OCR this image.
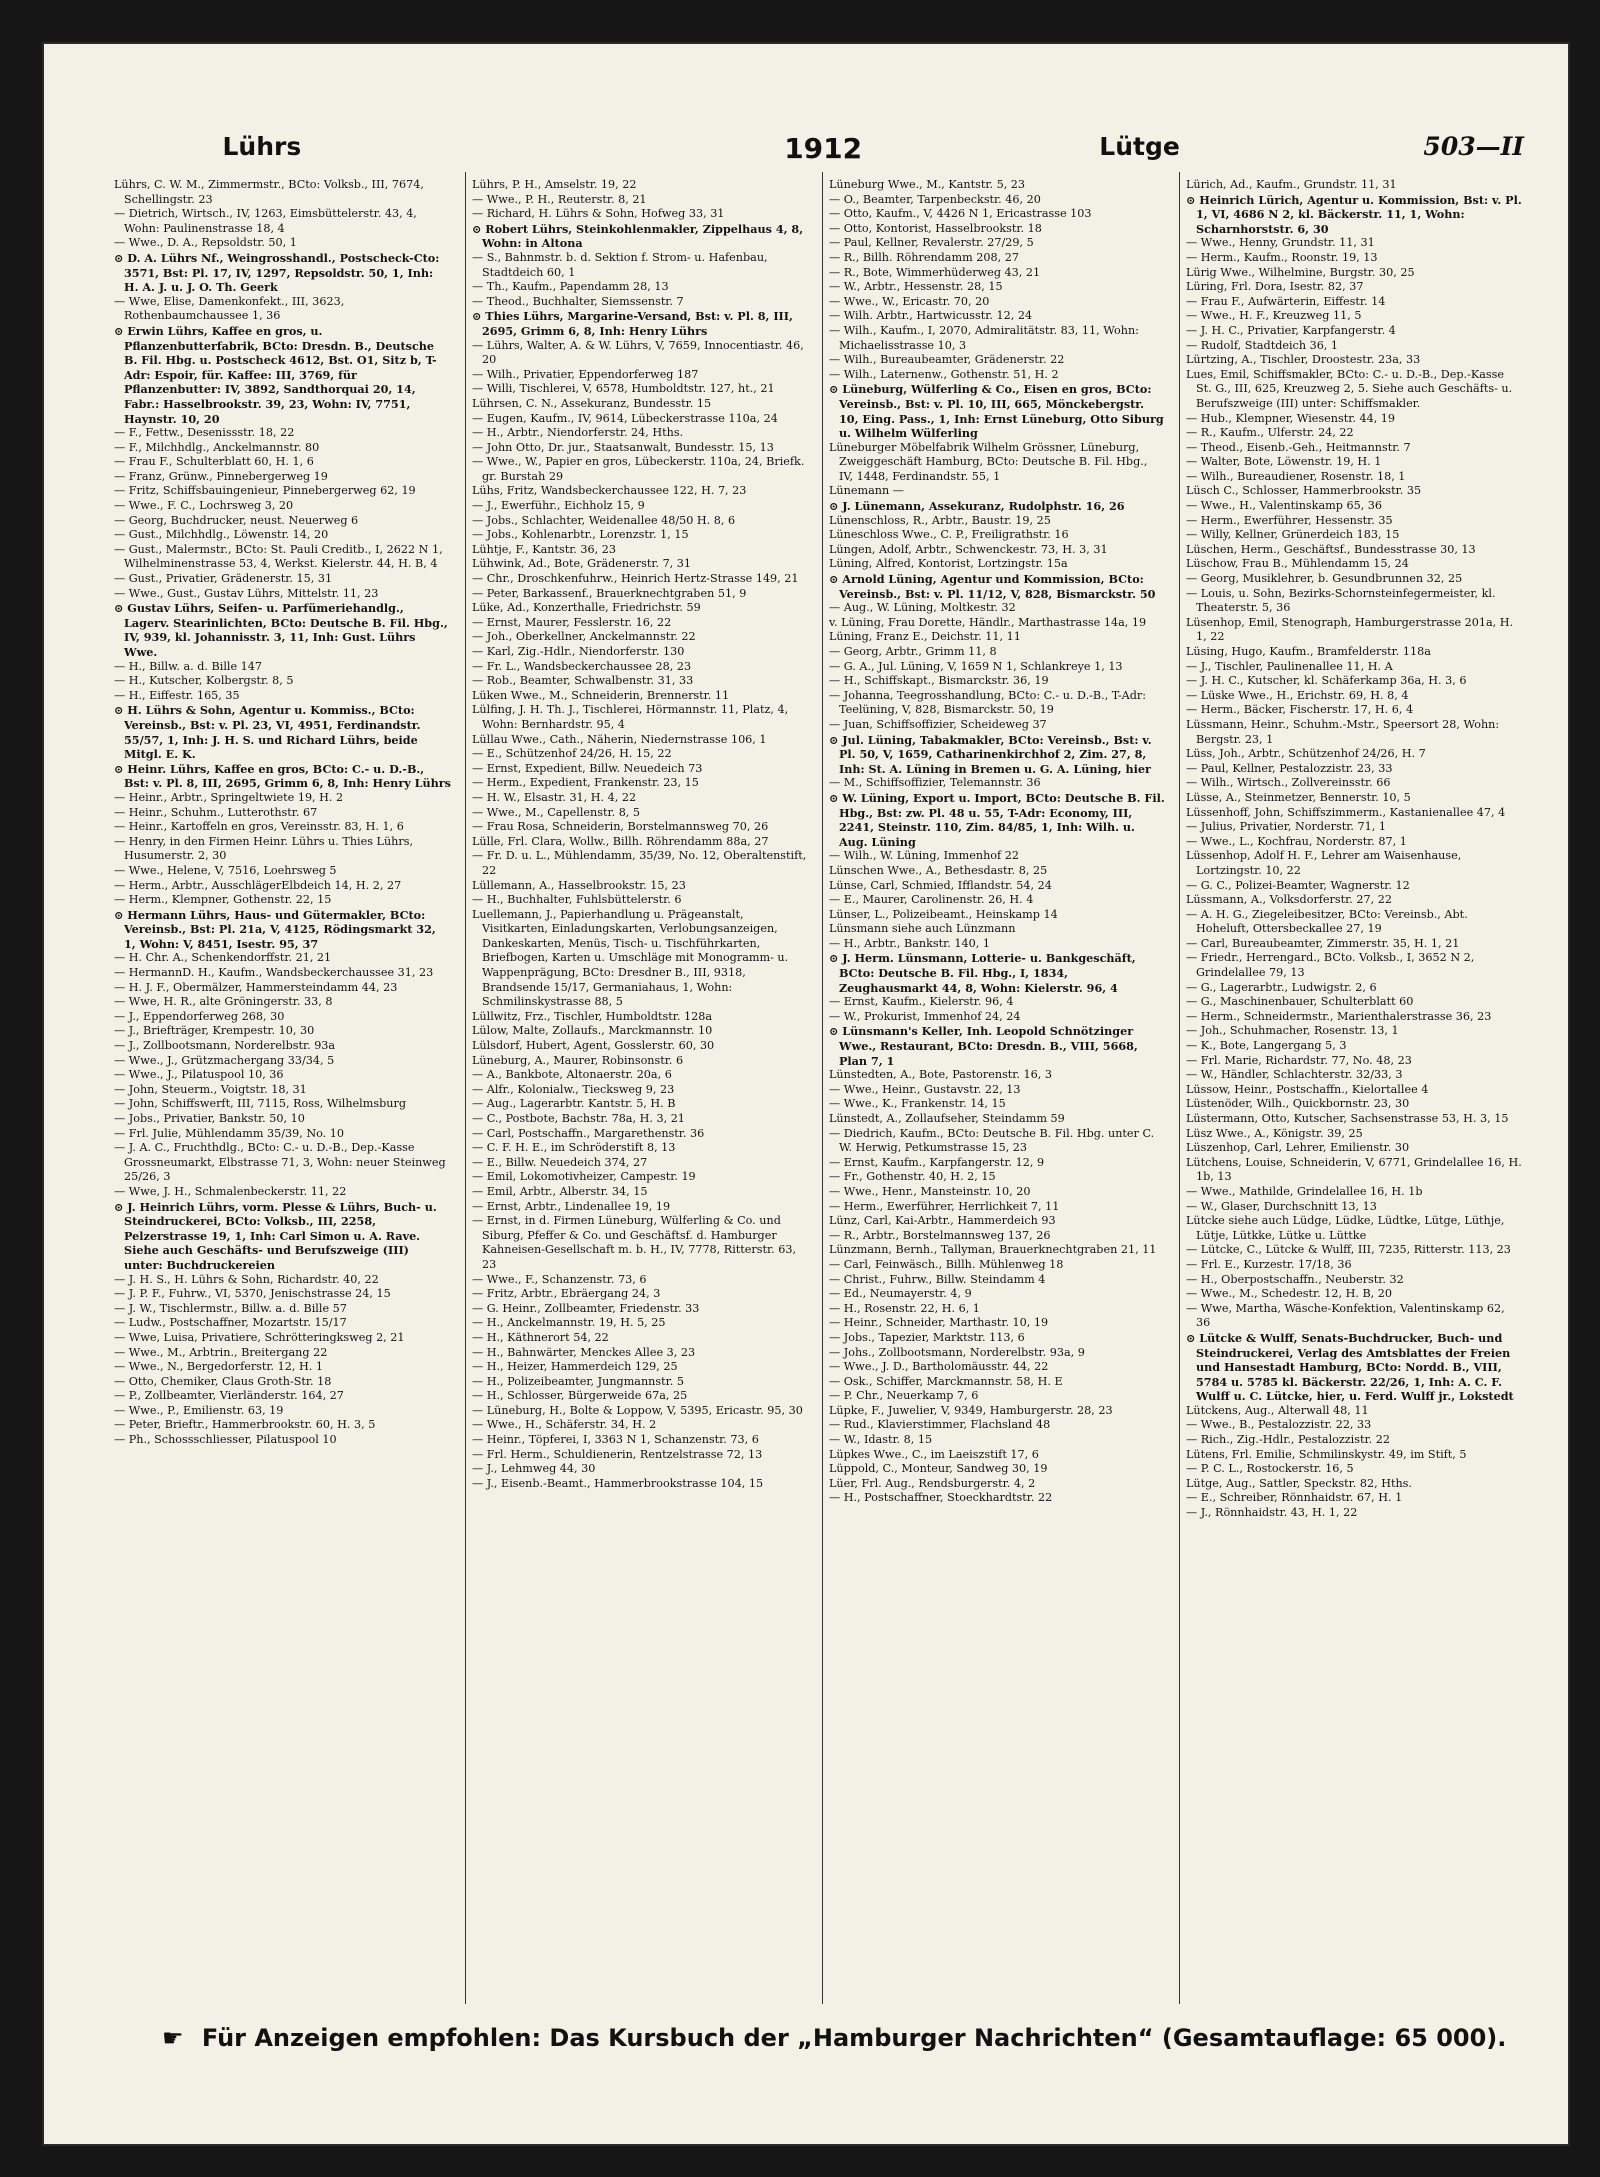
Lührs	1912	Lütge	503—II

Lührs, C. W. M., Zimmermstr., BCto: Volksb., III, 7674, Schellingstr. 23

— Dietrich, Wirtsch., IV, 1263, Eimsbüttelerstr. 43, 4, Wohn: Paulinenstrasse 18, 4

— Wwe., D. A., Repsoldstr. 50, 1

⊙ D. A. Lührs Nf., Weingrosshandl., Postscheck-Cto: 3571, Bst: Pl. 17, IV, 1297, Repsoldstr. 50, 1, Inh: H. A. J. u. J. O. Th. Geerk

— Wwe, Elise, Damenkonfekt., III, 3623, Rothenbaumchaussee 1, 36

⊙ Erwin Lührs, Kaffee en gros, u. Pflanzenbutterfabrik, BCto: Dresdn. B., Deutsche B. Fil. Hbg. u. Postscheck 4612, Bst. O1, Sitz b, T-Adr: Espoir, für. Kaffee: III, 3769, für Pflanzenbutter: IV, 3892, Sandthorquai 20, 14, Fabr.: Hasselbrookstr. 39, 23, Wohn: IV, 7751, Haynstr. 10, 20

— F., Fettw., Desenissstr. 18, 22

— F., Milchhdlg., Anckelmannstr. 80

— Frau F., Schulterblatt 60, H. 1, 6

— Franz, Grünw., Pinnebergerweg 19

— Fritz, Schiffsbauingenieur, Pinnebergerweg 62, 19

— Wwe., F. C., Lochrsweg 3, 20

— Georg, Buchdrucker, neust. Neuerweg 6

— Gust., Milchhdlg., Löwenstr. 14, 20

— Gust., Malermstr., BCto: St. Pauli Creditb., I, 2622 N 1, Wilhelminenstrasse 53, 4, Werkst. Kielerstr. 44, H. B, 4

— Gust., Privatier, Grädenerstr. 15, 31

— Wwe., Gust., Gustav Lührs, Mittelstr. 11, 23

⊙ Gustav Lührs, Seifen- u. Parfümeriehandlg., Lagerv. Stearinlichten, BCto: Deutsche B. Fil. Hbg., IV, 939, kl. Johannisstr. 3, 11, Inh: Gust. Lührs Wwe.

— H., Billw. a. d. Bille 147

— H., Kutscher, Kolbergstr. 8, 5

— H., Eiffestr. 165, 35

⊙ H. Lührs & Sohn, Agentur u. Kommiss., BCto: Vereinsb., Bst: v. Pl. 23, VI, 4951, Ferdinandstr. 55/57, 1, Inh: J. H. S. und Richard Lührs, beide Mitgl. E. K.

⊙ Heinr. Lührs, Kaffee en gros, BCto: C.- u. D.-B., Bst: v. Pl. 8, III, 2695, Grimm 6, 8, Inh: Henry Lührs

— Heinr., Arbtr., Springeltwiete 19, H. 2

— Heinr., Schuhm., Lutterothstr. 67

— Heinr., Kartoffeln en gros, Vereinsstr. 83, H. 1, 6

— Henry, in den Firmen Heinr. Lührs u. Thies Lührs, Husumerstr. 2, 30

— Wwe., Helene, V, 7516, Loehrsweg 5

— Herm., Arbtr., AusschlägerElbdeich 14, H. 2, 27

— Herm., Klempner, Gothenstr. 22, 15

⊙ Hermann Lührs, Haus- und Gütermakler, BCto: Vereinsb., Bst: Pl. 21a, V, 4125, Rödingsmarkt 32, 1, Wohn: V, 8451, Isestr. 95, 37

— H. Chr. A., Schenkendorffstr. 21, 21

— HermannD. H., Kaufm., Wandsbeckerchaussee 31, 23

— H. J. F., Obermälzer, Hammersteindamm 44, 23

— Wwe, H. R., alte Gröningerstr. 33, 8

— J., Eppendorferweg 268, 30

— J., Briefträger, Krempestr. 10, 30

— J., Zollbootsmann, Norderelbstr. 93a

— Wwe., J., Grützmachergang 33/34, 5

— Wwe., J., Pilatuspool 10, 36

— John, Steuerm., Voigtstr. 18, 31

— John, Schiffswerft, III, 7115, Ross, Wilhelmsburg

— Jobs., Privatier, Bankstr. 50, 10

— Frl. Julie, Mühlendamm 35/39, No. 10

— J. A. C., Fruchthdlg., BCto: C.- u. D.-B., Dep.-Kasse Grossneumarkt, Elbstrasse 71, 3, Wohn: neuer Steinweg 25/26, 3

— Wwe, J. H., Schmalenbeckerstr. 11, 22

⊙ J. Heinrich Lührs, vorm. Plesse & Lührs, Buch- u. Steindruckerei, BCto: Volksb., III, 2258, Pelzerstrasse 19, 1, Inh: Carl Simon u. A. Rave. Siehe auch Geschäfts- und Berufszweige (III) unter: Buchdruckereien

— J. H. S., H. Lührs & Sohn, Richardstr. 40, 22

— J. P. F., Fuhrw., VI, 5370, Jenischstrasse 24, 15

— J. W., Tischlermstr., Billw. a. d. Bille 57

— Ludw., Postschaffner, Mozartstr. 15/17

— Wwe, Luisa, Privatiere, Schrötteringksweg 2, 21

— Wwe., M., Arbtrin., Breitergang 22

— Wwe., N., Bergedorferstr. 12, H. 1

— Otto, Chemiker, Claus Groth-Str. 18

— P., Zollbeamter, Vierländerstr. 164, 27

— Wwe., P., Emilienstr. 63, 19

— Peter, Brieftr., Hammerbrookstr. 60, H. 3, 5

— Ph., Schossschliesser, Pilatuspool 10

Lührs, P. H., Amselstr. 19, 22

— Wwe., P. H., Reuterstr. 8, 21

— Richard, H. Lührs & Sohn, Hofweg 33, 31

⊙ Robert Lührs, Steinkohlenmakler, Zippelhaus 4, 8, Wohn: in Altona

— S., Bahnmstr. b. d. Sektion f. Strom- u. Hafenbau, Stadtdeich 60, 1

— Th., Kaufm., Papendamm 28, 13

— Theod., Buchhalter, Siemssenstr. 7

⊙ Thies Lührs, Margarine-Versand, Bst: v. Pl. 8, III, 2695, Grimm 6, 8, Inh: Henry Lührs

— Lührs, Walter, A. & W. Lührs, V, 7659, Innocentiastr. 46, 20

— Wilh., Privatier, Eppendorferweg 187

— Willi, Tischlerei, V, 6578, Humboldtstr. 127, ht., 21

Lührsen, C. N., Assekuranz, Bundesstr. 15

— Eugen, Kaufm., IV, 9614, Lübeckerstrasse 110a, 24

— H., Arbtr., Niendorferstr. 24, Hths.

— John Otto, Dr. jur., Staatsanwalt, Bundesstr. 15, 13

— Wwe., W., Papier en gros, Lübeckerstr. 110a, 24, Briefk. gr. Burstah 29

Lühs, Fritz, Wandsbeckerchaussee 122, H. 7, 23

— J., Ewerführ., Eichholz 15, 9

— Jobs., Schlachter, Weidenallee 48/50 H. 8, 6

— Jobs., Kohlenarbtr., Lorenzstr. 1, 15

Lühtje, F., Kantstr. 36, 23

Lühwink, Ad., Bote, Grädenerstr. 7, 31

— Chr., Droschkenfuhrw., Heinrich Hertz-Strasse 149, 21

— Peter, Barkassenf., Brauerknechtgraben 51, 9

Lüke, Ad., Konzerthalle, Friedrichstr. 59

— Ernst, Maurer, Fesslerstr. 16, 22

— Joh., Oberkellner, Anckelmannstr. 22

— Karl, Zig.-Hdlr., Niendorferstr. 130

— Fr. L., Wandsbeckerchaussee 28, 23

— Rob., Beamter, Schwalbenstr. 31, 33

Lüken Wwe., M., Schneiderin, Brennerstr. 11

Lülfing, J. H. Th. J., Tischlerei, Hörmannstr. 11, Platz, 4, Wohn: Bernhardstr. 95, 4

Lüllau Wwe., Cath., Näherin, Niedernstrasse 106, 1

— E., Schützenhof 24/26, H. 15, 22

— Ernst, Expedient, Billw. Neuedeich 73

— Herm., Expedient, Frankenstr. 23, 15

— H. W., Elsastr. 31, H. 4, 22

— Wwe., M., Capellenstr. 8, 5

— Frau Rosa, Schneiderin, Borstelmannsweg 70, 26

Lülle, Frl. Clara, Wollw., Billh. Röhrendamm 88a, 27

— Fr. D. u. L., Mühlendamm, 35/39, No. 12, Oberaltenstift, 22

Lüllemann, A., Hasselbrookstr. 15, 23

— H., Buchhalter, Fuhlsbüttelerstr. 6

Luellemann, J., Papierhandlung u. Prägeanstalt, Visitkarten, Einladungskarten, Verlobungsanzeigen, Dankeskarten, Menüs, Tisch- u. Tischführkarten, Briefbogen, Karten u. Umschläge mit Monogramm- u. Wappenprägung, BCto: Dresdner B., III, 9318, Brandsende 15/17, Germaniahaus, 1, Wohn: Schmilinskystrasse 88, 5

Lüllwitz, Frz., Tischler, Humboldtstr. 128a

Lülow, Malte, Zollaufs., Marckmannstr. 10

Lülsdorf, Hubert, Agent, Gosslerstr. 60, 30

Lüneburg, A., Maurer, Robinsonstr. 6

— A., Bankbote, Altonaerstr. 20a, 6

— Alfr., Kolonialw., Tiecksweg 9, 23

— Aug., Lagerarbtr. Kantstr. 5, H. B

— C., Postbote, Bachstr. 78a, H. 3, 21

— Carl, Postschaffn., Margarethenstr. 36

— C. F. H. E., im Schröderstift 8, 13

— E., Billw. Neuedeich 374, 27

— Emil, Lokomotivheizer, Campestr. 19

— Emil, Arbtr., Alberstr. 34, 15

— Ernst, Arbtr., Lindenallee 19, 19

— Ernst, in d. Firmen Lüneburg, Wülferling & Co. und Siburg, Pfeffer & Co. und Geschäftsf. d. Hamburger Kahneisen-Gesellschaft m. b. H., IV, 7778, Ritterstr. 63, 23

— Wwe., F., Schanzenstr. 73, 6

— Fritz, Arbtr., Ebräergang 24, 3

— G. Heinr., Zollbeamter, Friedenstr. 33

— H., Anckelmannstr. 19, H. 5, 25

— H., Käthnerort 54, 22

— H., Bahnwärter, Menckes Allee 3, 23

— H., Heizer, Hammerdeich 129, 25

— H., Polizeibeamter, Jungmannstr. 5

— H., Schlosser, Bürgerweide 67a, 25

— Lüneburg, H., Bolte & Loppow, V, 5395, Ericastr. 95, 30

— Wwe., H., Schäferstr. 34, H. 2

— Heinr., Töpferei, I, 3363 N 1, Schanzenstr. 73, 6

— Frl. Herm., Schuldienerin, Rentzelstrasse 72, 13

— J., Lehmweg 44, 30

— J., Eisenb.-Beamt., Hammerbrookstrasse 104, 15

Lüneburg Wwe., M., Kantstr. 5, 23

— O., Beamter, Tarpenbeckstr. 46, 20

— Otto, Kaufm., V, 4426 N 1, Ericastrasse 103

— Otto, Kontorist, Hasselbrookstr. 18

— Paul, Kellner, Revalerstr. 27/29, 5

— R., Billh. Röhrendamm 208, 27

— R., Bote, Wimmerhüderweg 43, 21

— W., Arbtr., Hessenstr. 28, 15

— Wwe., W., Ericastr. 70, 20

— Wilh. Arbtr., Hartwicusstr. 12, 24

— Wilh., Kaufm., I, 2070, Admiralitätstr. 83, 11, Wohn: Michaelisstrasse 10, 3

— Wilh., Bureaubeamter, Grädenerstr. 22

— Wilh., Laternenw., Gothenstr. 51, H. 2

⊙ Lüneburg, Wülferling & Co., Eisen en gros, BCto: Vereinsb., Bst: v. Pl. 10, III, 665, Mönckebergstr. 10, Eing. Pass., 1, Inh: Ernst Lüneburg, Otto Siburg u. Wilhelm Wülferling

Lüneburger Möbelfabrik Wilhelm Grössner, Lüneburg, Zweiggeschäft Hamburg, BCto: Deutsche B. Fil. Hbg., IV, 1448, Ferdinandstr. 55, 1

Lünemann —

⊙ J. Lünemann, Assekuranz, Rudolphstr. 16, 26

Lünenschloss, R., Arbtr., Baustr. 19, 25

Lüneschloss Wwe., C. P., Freiligrathstr. 16

Lüngen, Adolf, Arbtr., Schwenckestr. 73, H. 3, 31

Lüning, Alfred, Kontorist, Lortzingstr. 15a

⊙ Arnold Lüning, Agentur und Kommission, BCto: Vereinsb., Bst: v. Pl. 11/12, V, 828, Bismarckstr. 50

— Aug., W. Lüning, Moltkestr. 32

v. Lüning, Frau Dorette, Händlr., Marthastrasse 14a, 19

Lüning, Franz E., Deichstr. 11, 11

— Georg, Arbtr., Grimm 11, 8

— G. A., Jul. Lüning, V, 1659 N 1, Schlankreye 1, 13

— H., Schiffskapt., Bismarckstr. 36, 19

— Johanna, Teegrosshandlung, BCto: C.- u. D.-B., T-Adr: Teelüning, V, 828, Bismarckstr. 50, 19

— Juan, Schiffsoffizier, Scheideweg 37

⊙ Jul. Lüning, Tabakmakler, BCto: Vereinsb., Bst: v. Pl. 50, V, 1659, Catharinenkirchhof 2, Zim. 27, 8, Inh: St. A. Lüning in Bremen u. G. A. Lüning, hier

— M., Schiffsoffizier, Telemannstr. 36

⊙ W. Lüning, Export u. Import, BCto: Deutsche B. Fil. Hbg., Bst: zw. Pl. 48 u. 55, T-Adr: Economy, III, 2241, Steinstr. 110, Zim. 84/85, 1, Inh: Wilh. u. Aug. Lüning

— Wilh., W. Lüning, Immenhof 22

Lünschen Wwe., A., Bethesdastr. 8, 25

Lünse, Carl, Schmied, Ifflandstr. 54, 24

— E., Maurer, Carolinenstr. 26, H. 4

Lünser, L., Polizeibeamt., Heinskamp 14

Lünsmann siehe auch Lünzmann

— H., Arbtr., Bankstr. 140, 1

⊙ J. Herm. Lünsmann, Lotterie- u. Bankgeschäft, BCto: Deutsche B. Fil. Hbg., I, 1834, Zeughausmarkt 44, 8, Wohn: Kielerstr. 96, 4

— Ernst, Kaufm., Kielerstr. 96, 4

— W., Prokurist, Immenhof 24, 24

⊙ Lünsmann's Keller, Inh. Leopold Schnötzinger Wwe., Restaurant, BCto: Dresdn. B., VIII, 5668, Plan 7, 1

Lünstedten, A., Bote, Pastorenstr. 16, 3

— Wwe., Heinr., Gustavstr. 22, 13

— Wwe., K., Frankenstr. 14, 15

Lünstedt, A., Zollaufseher, Steindamm 59

— Diedrich, Kaufm., BCto: Deutsche B. Fil. Hbg. unter C. W. Herwig, Petkumstrasse 15, 23

— Ernst, Kaufm., Karpfangerstr. 12, 9

— Fr., Gothenstr. 40, H. 2, 15

— Wwe., Henr., Mansteinstr. 10, 20

— Herm., Ewerführer, Herrlichkeit 7, 11

Lünz, Carl, Kai-Arbtr., Hammerdeich 93

— R., Arbtr., Borstelmannsweg 137, 26

Lünzmann, Bernh., Tallyman, Brauerknechtgraben 21, 11

— Carl, Feinwäsch., Billh. Mühlenweg 18

— Christ., Fuhrw., Billw. Steindamm 4

— Ed., Neumayerstr. 4, 9

— H., Rosenstr. 22, H. 6, 1

— Heinr., Schneider, Marthastr. 10, 19

— Jobs., Tapezier, Marktstr. 113, 6

— Johs., Zollbootsmann, Norderelbstr. 93a, 9

— Wwe., J. D., Bartholomäusstr. 44, 22

— Osk., Schiffer, Marckmannstr. 58, H. E

— P. Chr., Neuerkamp 7, 6

Lüpke, F., Juwelier, V, 9349, Hamburgerstr. 28, 23

— Rud., Klavierstimmer, Flachsland 48

— W., Idastr. 8, 15

Lüpkes Wwe., C., im Laeiszstift 17, 6

Lüppold, C., Monteur, Sandweg 30, 19

Lüer, Frl. Aug., Rendsburgerstr. 4, 2

— H., Postschaffner, Stoeckhardtstr. 22

Lürich, Ad., Kaufm., Grundstr. 11, 31

⊙ Heinrich Lürich, Agentur u. Kommission, Bst: v. Pl. 1, VI, 4686 N 2, kl. Bäckerstr. 11, 1, Wohn: Scharnhorststr. 6, 30

— Wwe., Henny, Grundstr. 11, 31

— Herm., Kaufm., Roonstr. 19, 13

Lürig Wwe., Wilhelmine, Burgstr. 30, 25

Lüring, Frl. Dora, Isestr. 82, 37

— Frau F., Aufwärterin, Eiffestr. 14

— Wwe., H. F., Kreuzweg 11, 5

— J. H. C., Privatier, Karpfangerstr. 4

— Rudolf, Stadtdeich 36, 1

Lürtzing, A., Tischler, Droostestr. 23a, 33

Lues, Emil, Schiffsmakler, BCto: C.- u. D.-B., Dep.-Kasse St. G., III, 625, Kreuzweg 2, 5. Siehe auch Geschäfts- u. Berufszweige (III) unter: Schiffsmakler.

— Hub., Klempner, Wiesenstr. 44, 19

— R., Kaufm., Ulferstr. 24, 22

— Theod., Eisenb.-Geh., Heitmannstr. 7

— Walter, Bote, Löwenstr. 19, H. 1

— Wilh., Bureaudiener, Rosenstr. 18, 1

Lüsch C., Schlosser, Hammerbrookstr. 35

— Wwe., H., Valentinskamp 65, 36

— Herm., Ewerführer, Hessenstr. 35

— Willy, Kellner, Grünerdeich 183, 15

Lüschen, Herm., Geschäftsf., Bundesstrasse 30, 13

Lüschow, Frau B., Mühlendamm 15, 24

— Georg, Musiklehrer, b. Gesundbrunnen 32, 25

— Louis, u. Sohn, Bezirks-Schornsteinfegermeister, kl. Theaterstr. 5, 36

Lüsenhop, Emil, Stenograph, Hamburgerstrasse 201a, H. 1, 22

Lüsing, Hugo, Kaufm., Bramfelderstr. 118a

— J., Tischler, Paulinenallee 11, H. A

— J. H. C., Kutscher, kl. Schäferkamp 36a, H. 3, 6

— Lüske Wwe., H., Erichstr. 69, H. 8, 4

— Herm., Bäcker, Fischerstr. 17, H. 6, 4

Lüssmann, Heinr., Schuhm.-Mstr., Speersort 28, Wohn: Bergstr. 23, 1

Lüss, Joh., Arbtr., Schützenhof 24/26, H. 7

— Paul, Kellner, Pestalozzistr. 23, 33

— Wilh., Wirtsch., Zollvereinsstr. 66

Lüsse, A., Steinmetzer, Bennerstr. 10, 5

Lüssenhoff, John, Schiffszimmerm., Kastanienallee 47, 4

— Julius, Privatier, Norderstr. 71, 1

— Wwe., L., Kochfrau, Norderstr. 87, 1

Lüssenhop, Adolf H. F., Lehrer am Waisenhause, Lortzingstr. 10, 22

— G. C., Polizei-Beamter, Wagnerstr. 12

Lüssmann, A., Volksdorferstr. 27, 22

— A. H. G., Ziegeleibesitzer, BCto: Vereinsb., Abt. Hoheluft, Ottersbeckallee 27, 19

— Carl, Bureaubeamter, Zimmerstr. 35, H. 1, 21

— Friedr., Herrengard., BCto. Volksb., I, 3652 N 2, Grindelallee 79, 13

— G., Lagerarbtr., Ludwigstr. 2, 6

— G., Maschinenbauer, Schulterblatt 60

— Herm., Schneidermstr., Marienthalerstrasse 36, 23

— Joh., Schuhmacher, Rosenstr. 13, 1

— K., Bote, Langergang 5, 3

— Frl. Marie, Richardstr. 77, No. 48, 23

— W., Händler, Schlachterstr. 32/33, 3

Lüssow, Heinr., Postschaffn., Kielortallee 4

Lüstenöder, Wilh., Quickbornstr. 23, 30

Lüstermann, Otto, Kutscher, Sachsenstrasse 53, H. 3, 15

Lüsz Wwe., A., Königstr. 39, 25

Lüszenhop, Carl, Lehrer, Emilienstr. 30

Lütchens, Louise, Schneiderin, V, 6771, Grindelallee 16, H. 1b, 13

— Wwe., Mathilde, Grindelallee 16, H. 1b

— W., Glaser, Durchschnitt 13, 13

Lütcke siehe auch Lüdge, Lüdke, Lüdtke, Lütge, Lüthje, Lütje, Lütkke, Lütke u. Lüttke

— Lütcke, C., Lütcke & Wulff, III, 7235, Ritterstr. 113, 23

— Frl. E., Kurzestr. 17/18, 36

— H., Oberpostschaffn., Neuberstr. 32

— Wwe., M., Schedestr. 12, H. B, 20

— Wwe, Martha, Wäsche-Konfektion, Valentinskamp 62, 36

⊙ Lütcke & Wulff, Senats-Buchdrucker, Buch- und Steindruckerei, Verlag des Amtsblattes der Freien und Hansestadt Hamburg, BCto: Nordd. B., VIII, 5784 u. 5785 kl. Bäckerstr. 22/26, 1, Inh: A. C. F. Wulff u. C. Lütcke, hier, u. Ferd. Wulff jr., Lokstedt

Lütckens, Aug., Alterwall 48, 11

— Wwe., B., Pestalozzistr. 22, 33

— Rich., Zig.-Hdlr., Pestalozzistr. 22

Lütens, Frl. Emilie, Schmilinskystr. 49, im Stift, 5

— P. C. L., Rostockerstr. 16, 5

Lütge, Aug., Sattler, Speckstr. 82, Hths.

— E., Schreiber, Rönnhaidstr. 67, H. 1

— J., Rönnhaidstr. 43, H. 1, 22

☛ Für Anzeigen empfohlen: Das Kursbuch der „Hamburger Nachrichten“ (Gesamtauflage: 65 000).
